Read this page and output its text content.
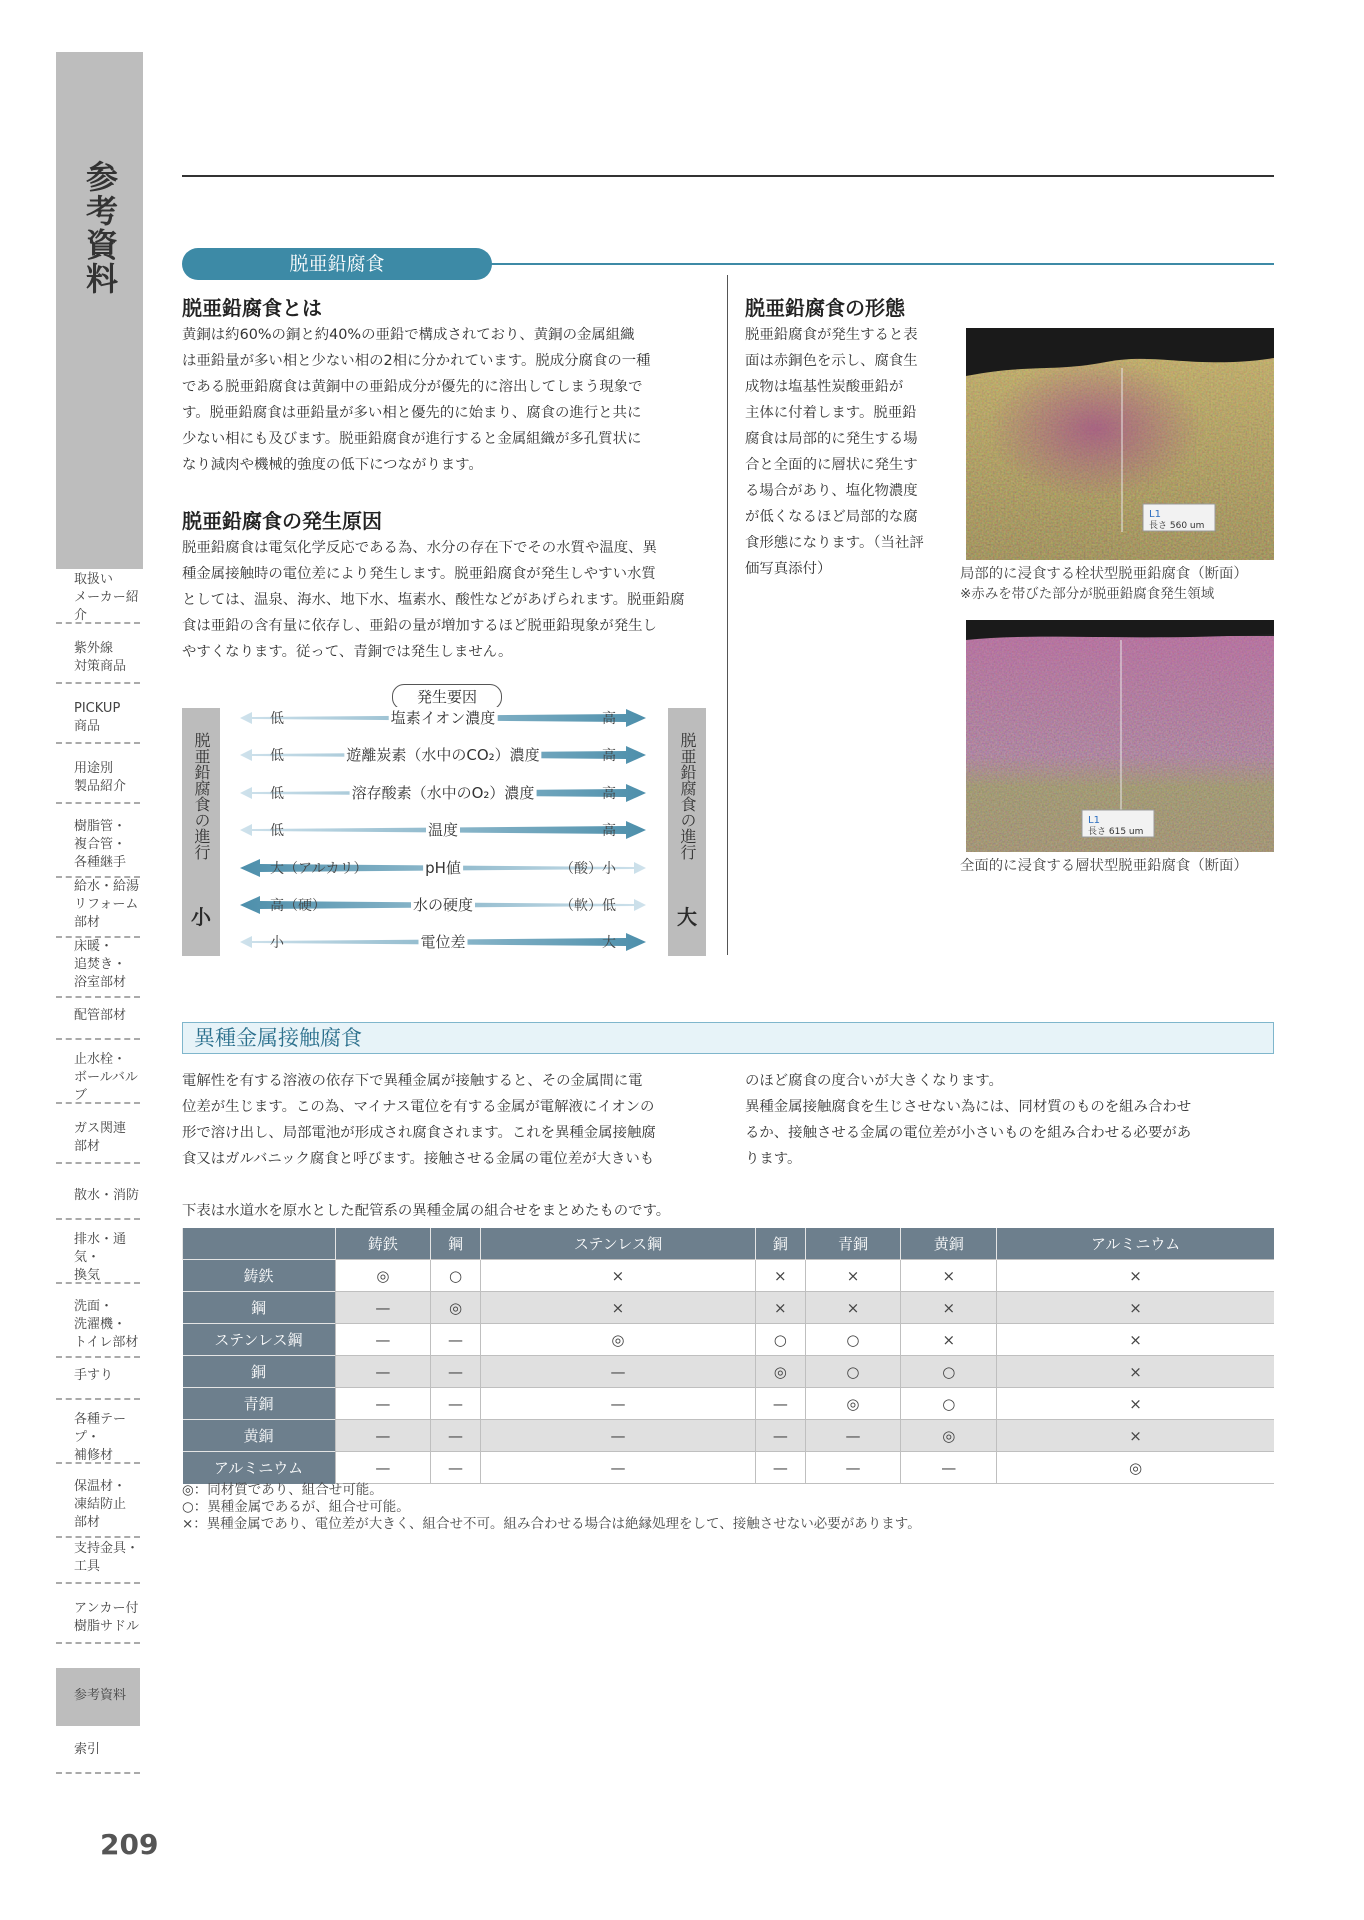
参考資料
取扱い
メーカー紹介
紫外線
対策商品
PICKUP
商品
用途別
製品紹介
樹脂管・
複合管・
各種継手
給水・給湯
リフォーム
部材
床暖・
追焚き・
浴室部材
配管部材
止水栓・
ボールバルブ
ガス関連
部材
散水・消防
排水・通気・
換気
洗面・
洗濯機・
トイレ部材
手すり
各種テープ・
補修材
保温材・
凍結防止
部材
支持金具・
工具
アンカー付
樹脂サドル
参考資料
索引
209
脱亜鉛腐食
脱亜鉛腐食とは
黄銅は約60%の銅と約40%の亜鉛で構成されており、黄銅の金属組織
は亜鉛量が多い相と少ない相の2相に分かれています。脱成分腐食の一種
である脱亜鉛腐食は黄銅中の亜鉛成分が優先的に溶出してしまう現象で
す。脱亜鉛腐食は亜鉛量が多い相と優先的に始まり、腐食の進行と共に
少ない相にも及びます。脱亜鉛腐食が進行すると金属組織が多孔質状に
なり減肉や機械的強度の低下につながります。
脱亜鉛腐食の発生原因
脱亜鉛腐食は電気化学反応である為、水分の存在下でその水質や温度、異
種金属接触時の電位差により発生します。脱亜鉛腐食が発生しやすい水質
としては、温泉、海水、地下水、塩素水、酸性などがあげられます。脱亜鉛腐
食は亜鉛の含有量に依存し、亜鉛の量が増加するほど脱亜鉛現象が発生し
やすくなります。従って、青銅では発生しません。
脱亜鉛腐食の進行
小
脱亜鉛腐食の進行
大
発生要因
低	高
塩素イオン濃度
低	高
遊離炭素（水中のCO₂）濃度
低	高
溶存酸素（水中のO₂）濃度
低	高
温度
大（アルカリ）	（酸）小
pH値
高（硬）	（軟）低
水の硬度
小	大
電位差
脱亜鉛腐食の形態
脱亜鉛腐食が発生すると表
面は赤銅色を示し、腐食生
成物は塩基性炭酸亜鉛が
主体に付着します。脱亜鉛
腐食は局部的に発生する場
合と全面的に層状に発生す
る場合があり、塩化物濃度
が低くなるほど局部的な腐
食形態になります。（当社評
価写真添付）
L1
長さ 560 um
局部的に浸食する栓状型脱亜鉛腐食（断面）
※赤みを帯びた部分が脱亜鉛腐食発生領域
L1
長さ 615 um
全面的に浸食する層状型脱亜鉛腐食（断面）
異種金属接触腐食
電解性を有する溶液の依存下で異種金属が接触すると、その金属間に電
位差が生じます。この為、マイナス電位を有する金属が電解液にイオンの
形で溶け出し、局部電池が形成され腐食されます。これを異種金属接触腐
食又はガルバニック腐食と呼びます。接触させる金属の電位差が大きいも
のほど腐食の度合いが大きくなります。
異種金属接触腐食を生じさせない為には、同材質のものを組み合わせ
るか、接触させる金属の電位差が小さいものを組み合わせる必要があ
ります。
下表は水道水を原水とした配管系の異種金属の組合せをまとめたものです。
	鋳鉄	鋼	ステンレス鋼	銅	青銅	黄銅	アルミニウム
鋳鉄	◎	○	×	×	×	×	×
鋼	—	◎	×	×	×	×	×
ステンレス鋼	—	—	◎	○	○	×	×
銅	—	—	—	◎	○	○	×
青銅	—	—	—	—	◎	○	×
黄銅	—	—	—	—	—	◎	×
アルミニウム	—	—	—	—	—	—	◎
◎：同材質であり、組合せ可能。
○：異種金属であるが、組合せ可能。
×：異種金属であり、電位差が大きく、組合せ不可。組み合わせる場合は絶縁処理をして、接触させない必要があります。
